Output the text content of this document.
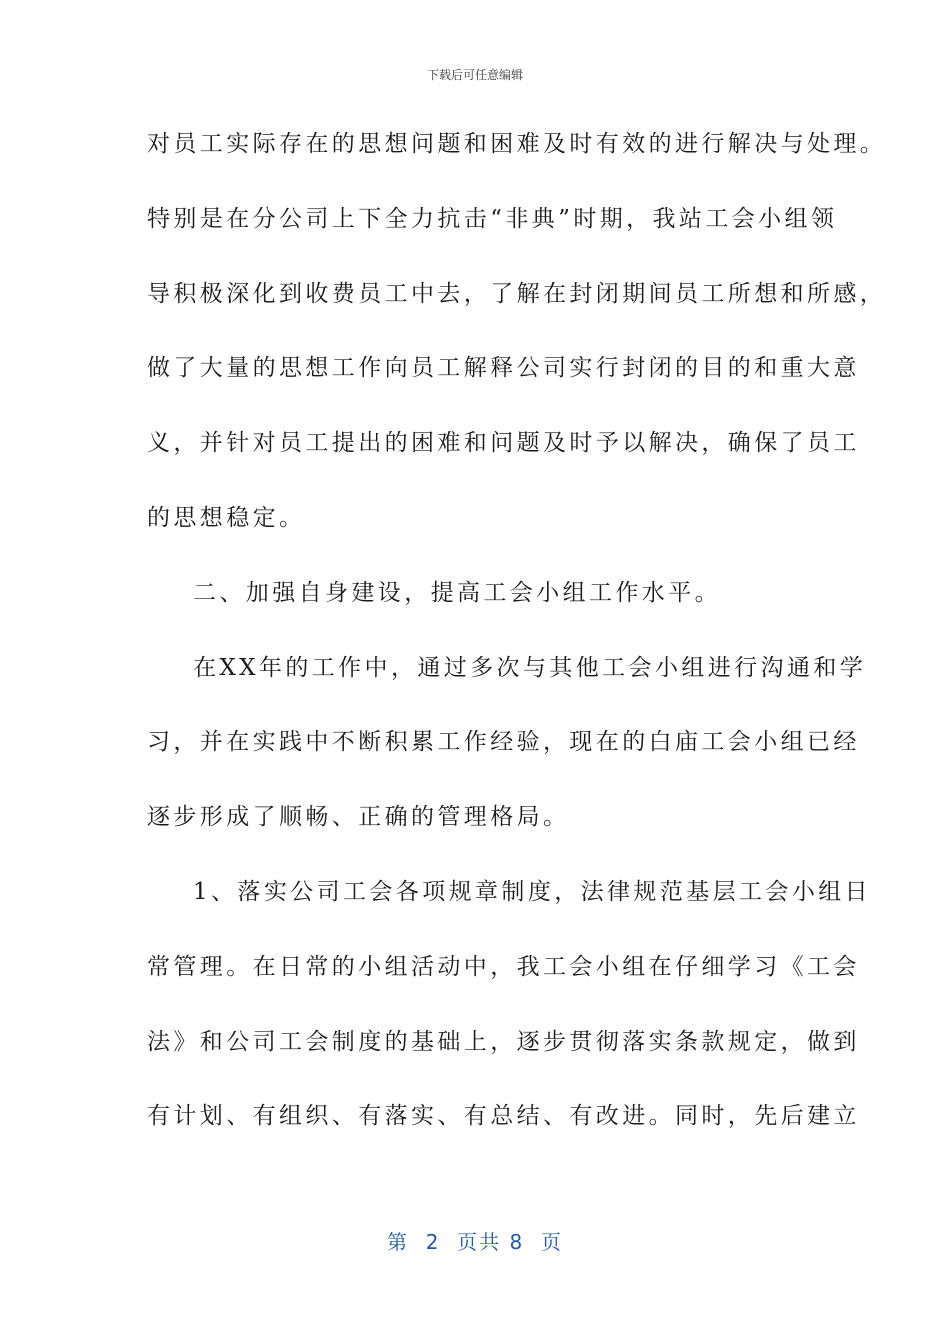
下载后可任意编辑
对员工实际存在的思想问题和困难及时有效的进行解决与处理。
特别是在分公司上下全力抗击“非典”时期，我站工会小组领
导积极深化到收费员工中去，了解在封闭期间员工所想和所感，
做了大量的思想工作向员工解释公司实行封闭的目的和重大意
义，并针对员工提出的困难和问题及时予以解决，确保了员工
的思想稳定。
二、加强自身建设，提高工会小组工作水平。
在XX年的工作中，通过多次与其他工会小组进行沟通和学
习，并在实践中不断积累工作经验，现在的白庙工会小组已经
逐步形成了顺畅、正确的管理格局。
1、落实公司工会各项规章制度，法律规范基层工会小组日
常管理。在日常的小组活动中，我工会小组在仔细学习《工会
法》和公司工会制度的基础上，逐步贯彻落实条款规定，做到
有计划、有组织、有落实、有总结、有改进。同时，先后建立
第  2  页共 8  页
